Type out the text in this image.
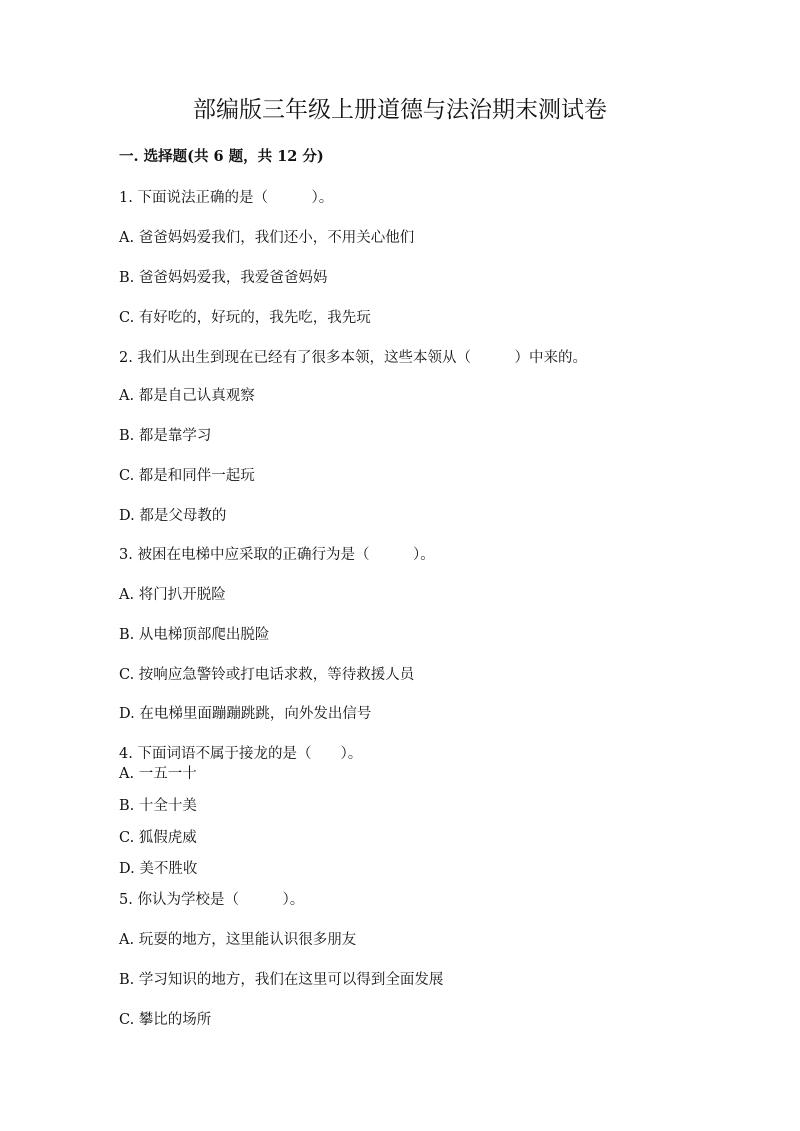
部编版三年级上册道德与法治期末测试卷
一. 选择题(共 6 题，共 12 分)
1. 下面说法正确的是（　　　）。
A. 爸爸妈妈爱我们，我们还小，不用关心他们
B. 爸爸妈妈爱我，我爱爸爸妈妈
C. 有好吃的，好玩的，我先吃，我先玩
2. 我们从出生到现在已经有了很多本领，这些本领从（　　　）中来的。
A. 都是自己认真观察
B. 都是靠学习
C. 都是和同伴一起玩
D. 都是父母教的
3. 被困在电梯中应采取的正确行为是（　　　）。
A. 将门扒开脱险
B. 从电梯顶部爬出脱险
C. 按响应急警铃或打电话求救，等待救援人员
D. 在电梯里面蹦蹦跳跳，向外发出信号
4. 下面词语不属于接龙的是（　　）。
A. 一五一十
B. 十全十美
C. 狐假虎威
D. 美不胜收
5. 你认为学校是（　　　）。
A. 玩耍的地方，这里能认识很多朋友
B. 学习知识的地方，我们在这里可以得到全面发展
C. 攀比的场所
